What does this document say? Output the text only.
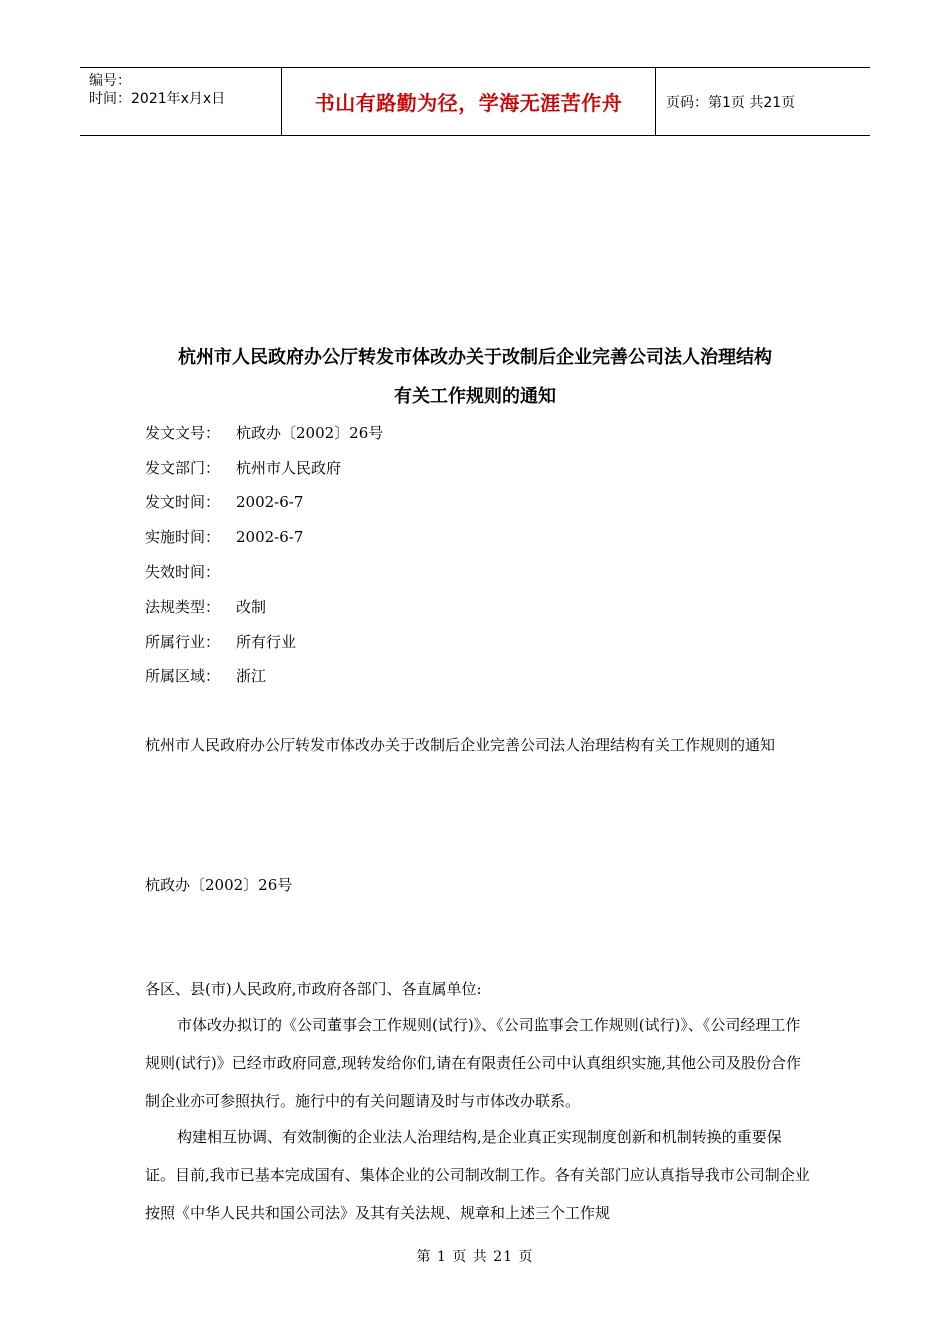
编号：
时间：2021年x月x日	书山有路勤为径，学海无涯苦作舟	页码：第1页 共21页
杭州市人民政府办公厅转发市体改办关于改制后企业完善公司法人治理结构
有关工作规则的通知
发文文号： 杭政办〔2002〕26号
发文部门： 杭州市人民政府
发文时间： 2002-6-7
实施时间： 2002-6-7
失效时间：
法规类型： 改制
所属行业： 所有行业
所属区域： 浙江
杭州市人民政府办公厅转发市体改办关于改制后企业完善公司法人治理结构有关工作规则的通知
杭政办〔2002〕26号
各区、县(市)人民政府,市政府各部门、各直属单位:
市体改办拟订的《公司董事会工作规则(试行)》、《公司监事会工作规则(试行)》、《公司经理工作规则(试行)》已经市政府同意,现转发给你们,请在有限责任公司中认真组织实施,其他公司及股份合作制企业亦可参照执行。施行中的有关问题请及时与市体改办联系。
构建相互协调、有效制衡的企业法人治理结构,是企业真正实现制度创新和机制转换的重要保证。目前,我市已基本完成国有、集体企业的公司制改制工作。各有关部门应认真指导我市公司制企业按照《中华人民共和国公司法》及其有关法规、规章和上述三个工作规
第 1 页 共 21 页
